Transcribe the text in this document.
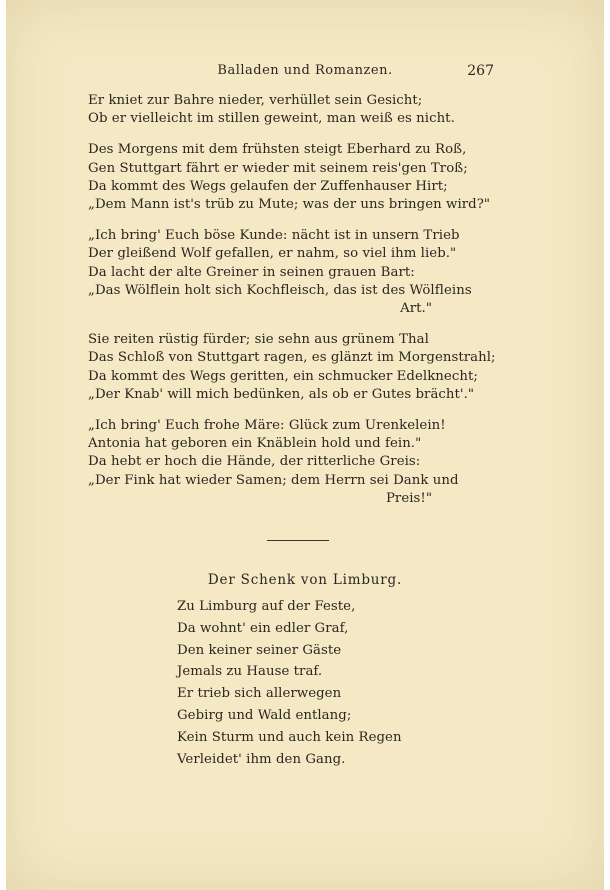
Balladen und Romanzen.	267
Er kniet zur Bahre nieder, verhüllet sein Gesicht;
Ob er vielleicht im stillen geweint, man weiß es nicht.
Des Morgens mit dem frühsten steigt Eberhard zu Roß,
Gen Stuttgart fährt er wieder mit seinem reis'gen Troß;
Da kommt des Wegs gelaufen der Zuffenhauser Hirt;
„Dem Mann ist's trüb zu Mute; was der uns bringen wird?"
„Ich bring' Euch böse Kunde: nächt ist in unsern Trieb
Der gleißend Wolf gefallen, er nahm, so viel ihm lieb."
Da lacht der alte Greiner in seinen grauen Bart:
„Das Wölflein holt sich Kochfleisch, das ist des Wölfleins
Art."
Sie reiten rüstig fürder; sie sehn aus grünem Thal
Das Schloß von Stuttgart ragen, es glänzt im Morgenstrahl;
Da kommt des Wegs geritten, ein schmucker Edelknecht;
„Der Knab' will mich bedünken, als ob er Gutes brächt'."
„Ich bring' Euch frohe Märe: Glück zum Urenkelein!
Antonia hat geboren ein Knäblein hold und fein."
Da hebt er hoch die Hände, der ritterliche Greis:
„Der Fink hat wieder Samen; dem Herrn sei Dank und
Preis!"
Der Schenk von Limburg.
Zu Limburg auf der Feste,
Da wohnt' ein edler Graf,
Den keiner seiner Gäste
Jemals zu Hause traf.
Er trieb sich allerwegen
Gebirg und Wald entlang;
Kein Sturm und auch kein Regen
Verleidet' ihm den Gang.
